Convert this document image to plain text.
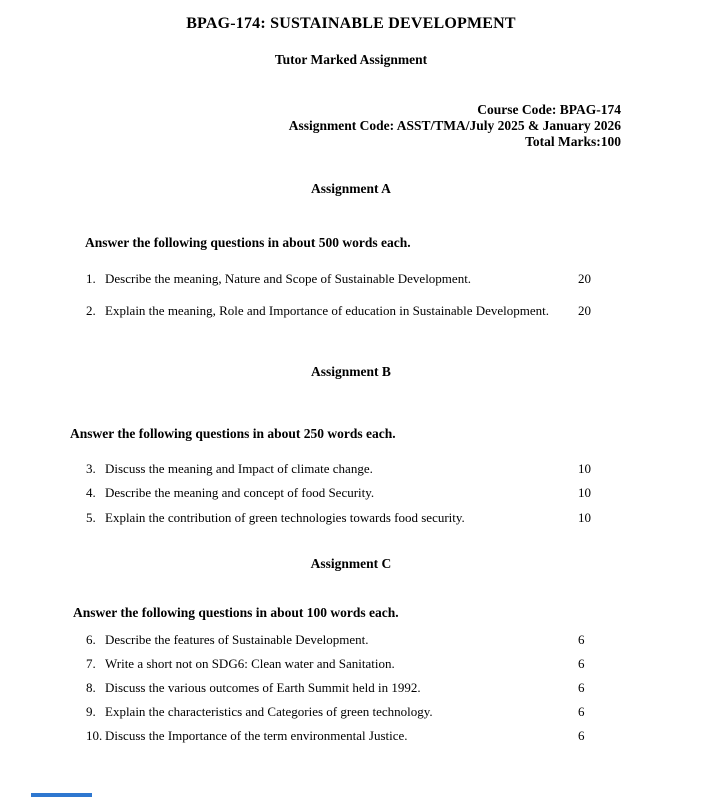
BPAG-174: SUSTAINABLE DEVELOPMENT
Tutor Marked Assignment
Course Code: BPAG-174
Assignment Code: ASST/TMA/July 2025 & January 2026
Total Marks:100
Assignment A
Answer the following questions in about 500 words each.
1. Describe the meaning, Nature and Scope of Sustainable Development.	20
2. Explain the meaning, Role and Importance of education in Sustainable Development. 20
Assignment B
Answer the following questions in about 250 words each.
3. Discuss the meaning and Impact of climate change.	10
4. Describe the meaning and concept of food Security.	10
5. Explain the contribution of green technologies towards food security.	10
Assignment C
Answer the following questions in about 100 words each.
6. Describe the features of Sustainable Development.	6
7. Write a short not on SDG6: Clean water and Sanitation.	6
8. Discuss the various outcomes of Earth Summit held in 1992.	6
9. Explain the characteristics and Categories of green technology.	6
10. Discuss the Importance of the term environmental Justice.	6
